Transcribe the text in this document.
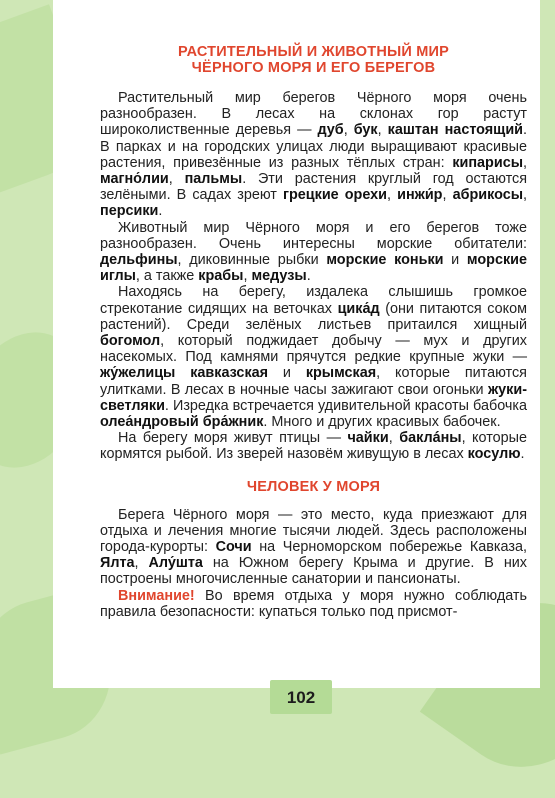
РАСТИТЕЛЬНЫЙ И ЖИВОТНЫЙ МИР
ЧЁРНОГО МОРЯ И ЕГО БЕРЕГОВ

Растительный мир берегов Чёрного моря очень разнообразен. В лесах на склонах гор растут широколиственные деревья — дуб, бук, каштан настоящий. В парках и на городских улицах люди выращивают красивые растения, привезённые из разных тёплых стран: кипарисы, магно́лии, пальмы. Эти растения круглый год остаются зелёными. В садах зреют грецкие орехи, инжи́р, абрикосы, персики.

Животный мир Чёрного моря и его берегов тоже разнообразен. Очень интересны морские обитатели: дельфины, диковинные рыбки морские коньки и морские иглы, а также крабы, медузы.

Находясь на берегу, издалека слышишь громкое стрекотание сидящих на веточках цика́д (они питаются соком растений). Среди зелёных листьев притаился хищный богомол, который поджидает добычу — мух и других насекомых. Под камнями прячутся редкие крупные жуки — жу́желицы кавказская и крымская, которые питаются улитками. В лесах в ночные часы зажигают свои огоньки жуки-светляки. Изредка встречается удивительной красоты бабочка олеа́ндровый бра́жник. Много и других красивых бабочек.

На берегу моря живут птицы — чайки, баклáны, которые кормятся рыбой. Из зверей назовём живущую в лесах косулю.

ЧЕЛОВЕК У МОРЯ

Берега Чёрного моря — это место, куда приезжают для отдыха и лечения многие тысячи людей. Здесь расположены города-курорты: Сочи на Черноморском побережье Кавказа, Ялта, Алу́шта на Южном берегу Крыма и другие. В них построены многочисленные санатории и пансионаты.

Внимание! Во время отдыха у моря нужно соблюдать правила безопасности: купаться только под присмот-

102
